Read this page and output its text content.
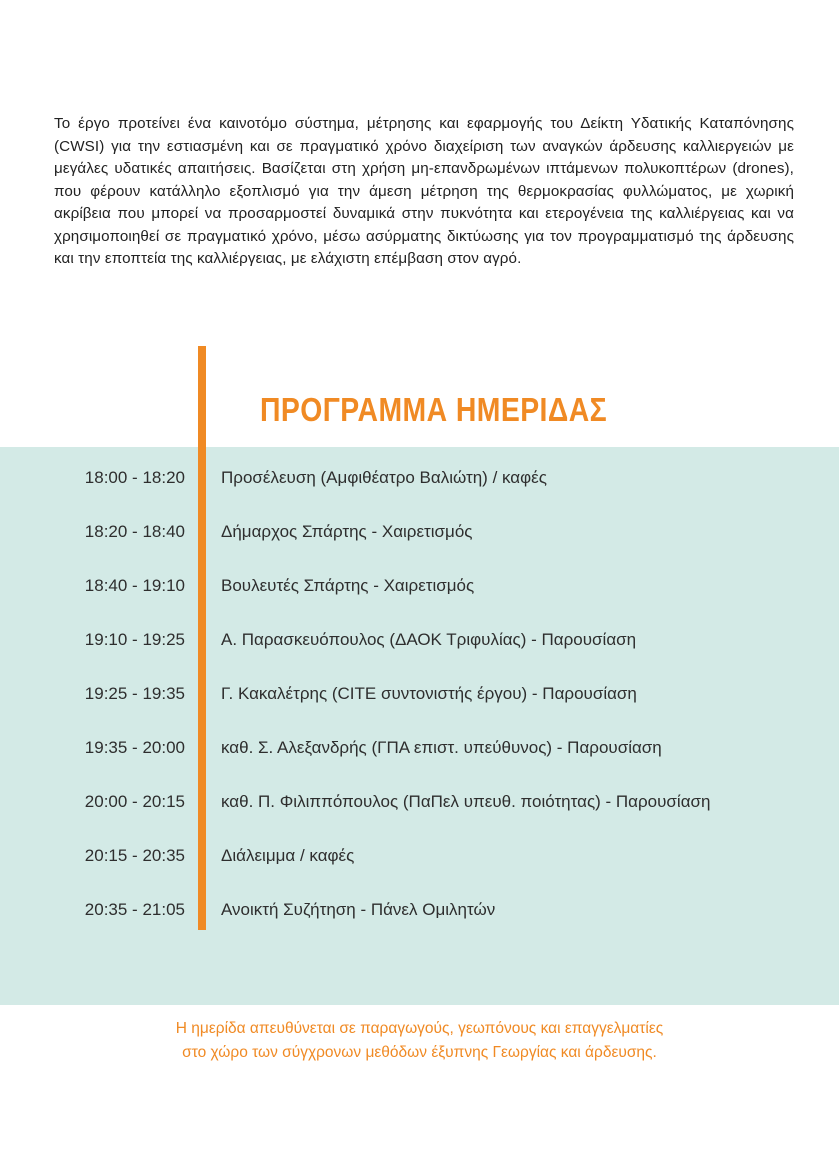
Το έργο προτείνει ένα καινοτόμο σύστημα, μέτρησης και εφαρμογής του Δείκτη Υδατικής Καταπόνησης (CWSI) για την εστιασμένη και σε πραγματικό χρόνο διαχείριση των αναγκών άρδευσης καλλιεργειών με μεγάλες υδατικές απαιτήσεις. Βασίζεται στη χρήση μη-επανδρωμένων ιπτάμενων πολυκοπτέρων (drones), που φέρουν κατάλληλο εξοπλισμό για την άμεση μέτρηση της θερμοκρασίας φυλλώματος, με χωρική ακρίβεια που μπορεί να προσαρμοστεί δυναμικά στην πυκνότητα και ετερογένεια της καλλιέργειας και να χρησιμοποιηθεί σε πραγματικό χρόνο, μέσω ασύρματης δικτύωσης για τον προγραμματισμό της άρδευσης και την εποπτεία της καλλιέργειας, με ελάχιστη επέμβαση στον αγρό.
ΠΡΟΓΡΑΜΜΑ ΗΜΕΡΙΔΑΣ
18:00 - 18:20 Προσέλευση (Αμφιθέατρο Βαλιώτη) / καφές
18:20 - 18:40 Δήμαρχος Σπάρτης - Χαιρετισμός
18:40 - 19:10 Βουλευτές Σπάρτης - Χαιρετισμός
19:10 - 19:25 Α. Παρασκευόπουλος (ΔΑΟΚ Τριφυλίας) - Παρουσίαση
19:25 - 19:35 Γ. Κακαλέτρης (CITE συντονιστής έργου) - Παρουσίαση
19:35 - 20:00 καθ. Σ. Αλεξανδρής (ΓΠΑ επιστ. υπεύθυνος) - Παρουσίαση
20:00 - 20:15 καθ. Π. Φιλιππόπουλος (ΠαΠελ υπευθ. ποιότητας) - Παρουσίαση
20:15 - 20:35 Διάλειμμα / καφές
20:35 - 21:05 Ανοικτή Συζήτηση - Πάνελ Ομιλητών
Η ημερίδα απευθύνεται σε παραγωγούς, γεωπόνους και επαγγελματίες
στο χώρο των σύγχρονων μεθόδων έξυπνης Γεωργίας και άρδευσης.
